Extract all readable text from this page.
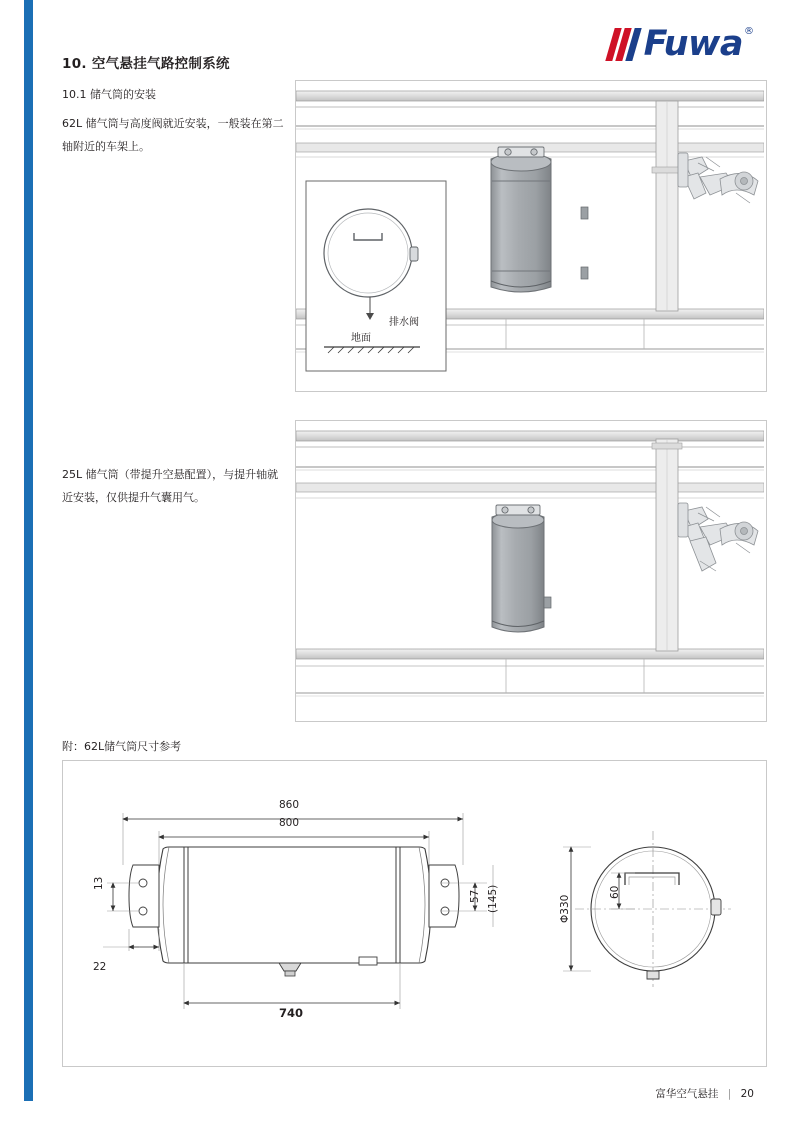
Fuwa ®
10. 空气悬挂气路控制系统
10.1 储气筒的安装
62L 储气筒与高度阀就近安装，一般装在第二轴附近的车架上。
25L 储气筒（带提升空悬配置），与提升轴就近安装，仅供提升气囊用气。
附：62L储气筒尺寸参考
排水阀
地面
860
800
740
13
22
57 (145)	Φ330
60
富华空气悬挂 | 20
